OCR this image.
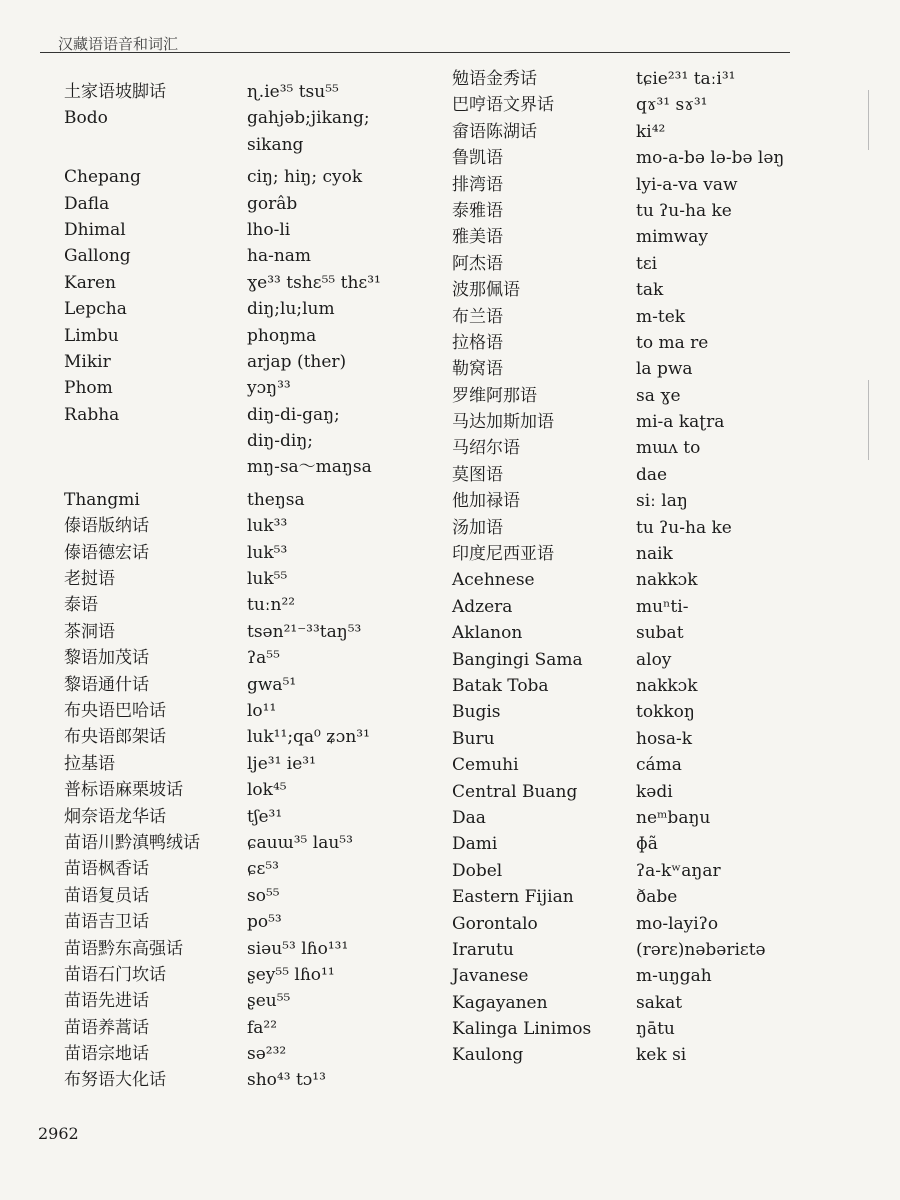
汉藏语语音和词汇
土家语坡脚话	ɳ.ie³⁵ tsu⁵⁵
Bodo	gahjəb;jikang;
sikang
Chepang	ciŋ; hiŋ; cyok
Dafla	gorâb
Dhimal	lho-li
Gallong	ha-nam
Karen	ɣe³³ tshɛ⁵⁵ thɛ³¹
Lepcha	diŋ;lu;lum
Limbu	phoŋma
Mikir	arjap (ther)
Phom	yɔŋ³³
Rabha	diŋ-di-gaŋ;
diŋ-diŋ;
mŋ-sa～maŋsa
Thangmi	theŋsa
傣语版纳话	luk³³
傣语德宏话	luk⁵³
老挝语	luk⁵⁵
泰语	tuːn²²
茶洞语	tsən²¹⁻³³taŋ⁵³
黎语加茂话	ʔa⁵⁵
黎语通什话	gwa⁵¹
布央语巴哈话	lo¹¹
布央语郎架话	luk¹¹;qa⁰ ʑɔn³¹
拉基语	lje³¹ ie³¹
普标语麻栗坡话	lok⁴⁵
炯奈语龙华话	tʃe³¹
苗语川黔滇鸭绒话	ɕauɯ³⁵ lau⁵³
苗语枫香话	ɕɛ⁵³
苗语复员话	so⁵⁵
苗语吉卫话	po⁵³
苗语黔东高强话	siəu⁵³ lɦo¹³¹
苗语石门坎话	ʂey⁵⁵ lɦo¹¹
苗语先进话	ʂeu⁵⁵
苗语养蒿话	fa²²
苗语宗地话	sə²³²
布努语大化话	sho⁴³ tɔ¹³
勉语金秀话	tɕie²³¹ taːi³¹
巴哼语文界话	qɤ³¹ sɤ³¹
畲语陈湖话	ki⁴²
鲁凯语	mo-a-bə lə-bə ləŋ
排湾语	lyi-a-va vaw
泰雅语	tu ʔu-ha ke
雅美语	mimway
阿杰语	tɛi
波那佩语	tak
布兰语	m-tek
拉格语	to ma re
勒窝语	la pwa
罗维阿那语	sa ɣe
马达加斯加语	mi-a kaʈra
马绍尔语	mɯʌ to
莫图语	dae
他加禄语	siː laŋ
汤加语	tu ʔu-ha ke
印度尼西亚语	naik
Acehnese	nakkɔk
Adzera	muⁿti-
Aklanon	subat
Bangingi Sama	aloy
Batak Toba	nakkɔk
Bugis	tokkoŋ
Buru	hosa-k
Cemuhi	cáma
Central Buang	kədi
Daa	neᵐbaŋu
Dami	ɸã
Dobel	ʔa-kʷaŋar
Eastern Fijian	ðabe
Gorontalo	mo-layiʔo
Irarutu	(rərɛ)nəbəriɛtə
Javanese	m-uŋgah
Kagayanen	sakat
Kalinga Linimos	ŋātu
Kaulong	kek si
2962
